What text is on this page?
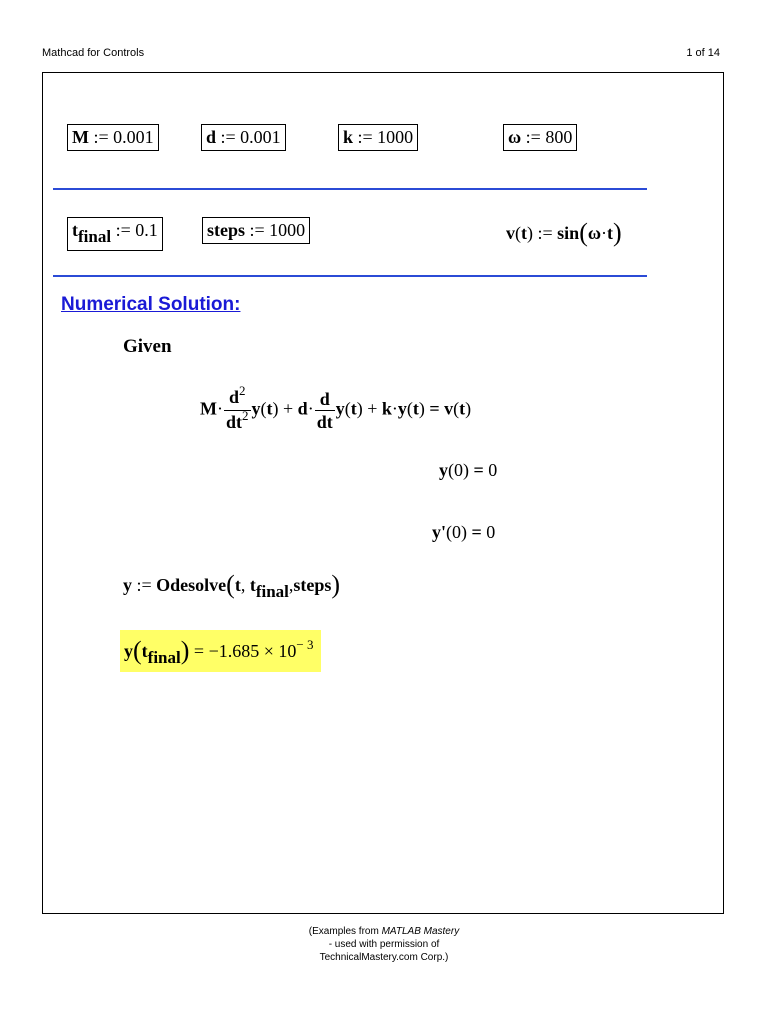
Mathcad for Controls	1 of 14
M := 0.001	d := 0.001	k := 1000	ω := 800
tfinal := 0.1	steps := 1000	v(t) := sin(ω·t)
Numerical Solution:
Given
$M\cdot \frac{d^2}{dt^2} y(t) + d\cdot \frac{d}{dt} y(t) + k\cdot y(t) = v(t)$
y(0) = 0
y'(0) = 0
y := Odesolve(t, tfinal,steps)
y(tfinal) = $-1.685 \times 10^{- 3}$
(Examples from MATLAB Mastery
- used with permission of
TechnicalMastery.com Corp.)
